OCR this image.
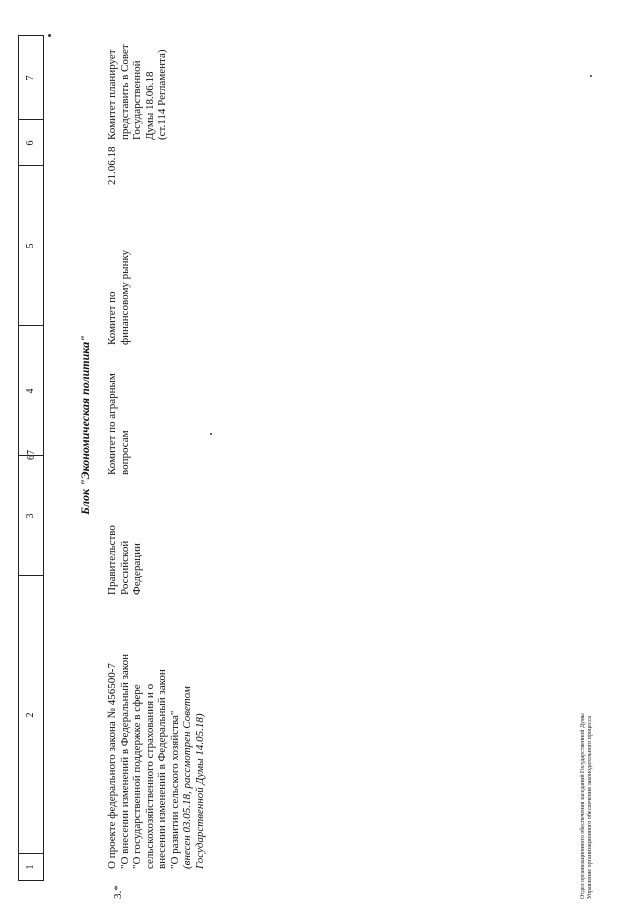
67
1
2
3
4
5
6
7
Блок "Экономическая политика"
3.*
О проекте федерального закона № 456500-7 "О внесении изменений в Федеральный закон "О государственной поддержке в сфере сельскохозяйственного страхования и о внесении изменений в Федеральный закон "О развитии сельского хозяйства" (внесен 03.05.18, рассмотрен Советом Государственной Думы 14.05.18)
Правительство Российской Федерации
Комитет по аграрным вопросам
Комитет по финансовому рынку
21.06.18
Комитет планирует представить в Совет Государственной Думы 18.06.18 (ст.114 Регламента)
Отдел организационного обеспечения заседаний Государственной Думы Управление организационного обеспечения законодательного процесса
